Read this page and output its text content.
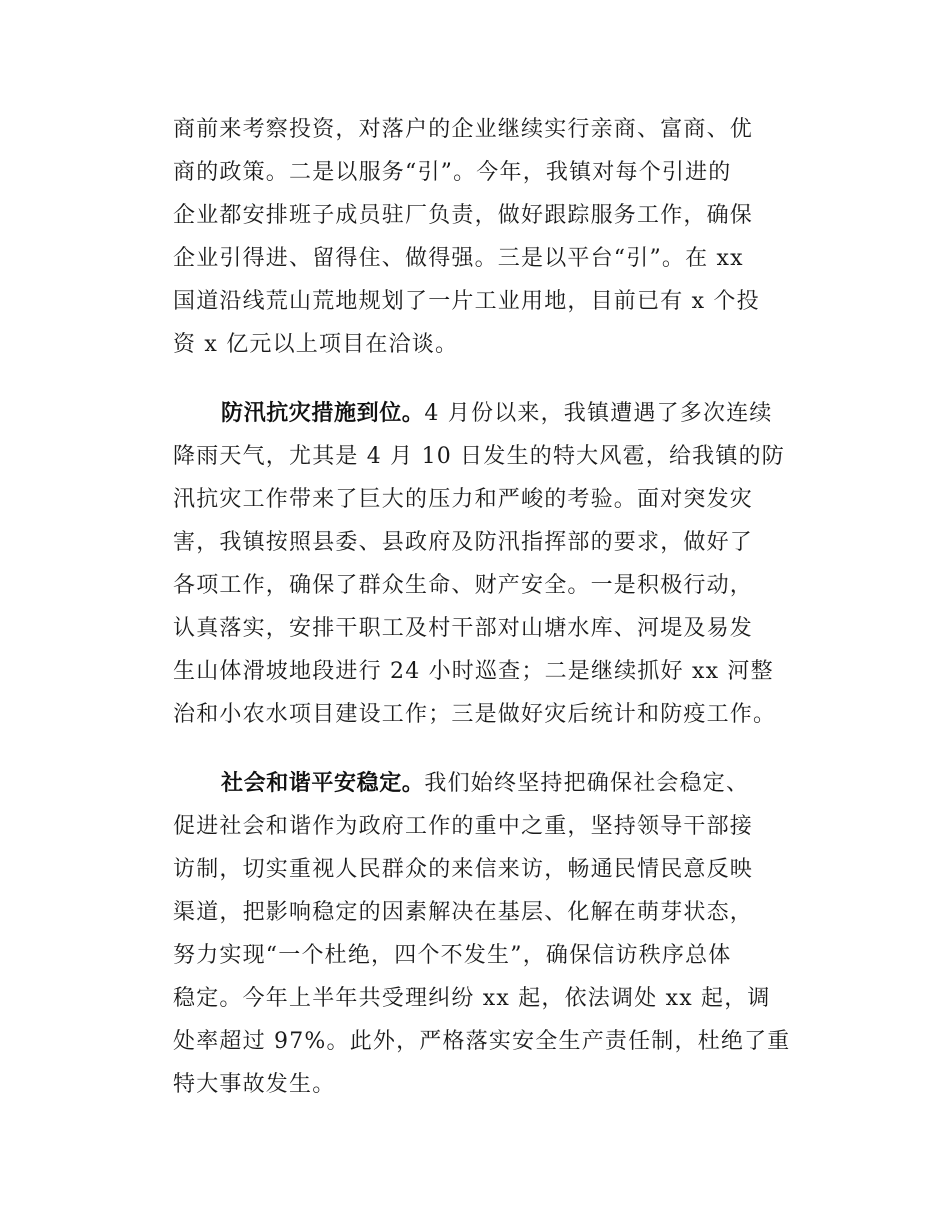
商前来考察投资，对落户的企业继续实行亲商、富商、优
商的政策。二是以服务“引”。今年，我镇对每个引进的
企业都安排班子成员驻厂负责，做好跟踪服务工作，确保
企业引得进、留得住、做得强。三是以平台“引”。在 xx
国道沿线荒山荒地规划了一片工业用地，目前已有 x 个投
资 x 亿元以上项目在洽谈。
防汛抗灾措施到位。4 月份以来，我镇遭遇了多次连续
降雨天气，尤其是 4 月 10 日发生的特大风雹，给我镇的防
汛抗灾工作带来了巨大的压力和严峻的考验。面对突发灾
害，我镇按照县委、县政府及防汛指挥部的要求，做好了
各项工作，确保了群众生命、财产安全。一是积极行动，
认真落实，安排干职工及村干部对山塘水库、河堤及易发
生山体滑坡地段进行 24 小时巡查；二是继续抓好 xx 河整
治和小农水项目建设工作；三是做好灾后统计和防疫工作。
社会和谐平安稳定。我们始终坚持把确保社会稳定、
促进社会和谐作为政府工作的重中之重，坚持领导干部接
访制，切实重视人民群众的来信来访，畅通民情民意反映
渠道，把影响稳定的因素解决在基层、化解在萌芽状态，
努力实现“一个杜绝，四个不发生”，确保信访秩序总体
稳定。今年上半年共受理纠纷 xx 起，依法调处 xx 起，调
处率超过 97%。此外，严格落实安全生产责任制，杜绝了重
特大事故发生。
